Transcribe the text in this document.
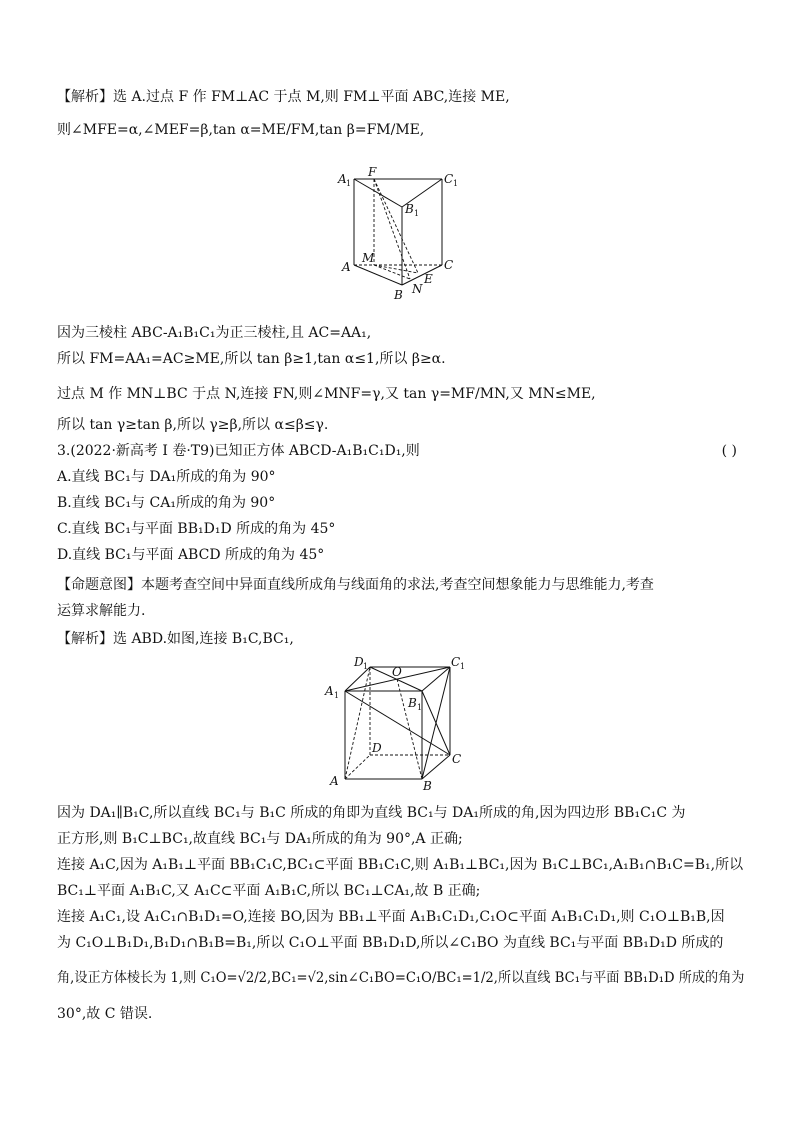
【解析】选 A.过点 F 作 FM⊥AC 于点 M,则 FM⊥平面 ABC,连接 ME,
则∠MFE=α,∠MEF=β,tan α=ME/FM,tan β=FM/ME,
A 1
F	C 1
B 1
M
A	C
E
N
B
因为三棱柱 ABC-A₁B₁C₁为正三棱柱,且 AC=AA₁,
所以 FM=AA₁=AC≥ME,所以 tan β≥1,tan α≤1,所以 β≥α.
过点 M 作 MN⊥BC 于点 N,连接 FN,则∠MNF=γ,又 tan γ=MF/MN,又 MN≤ME,
所以 tan γ≥tan β,所以 γ≥β,所以 α≤β≤γ.
3.(2022·新高考 Ⅰ 卷·T9)已知正方体 ABCD-A₁B₁C₁D₁,则	( )
A.直线 BC₁与 DA₁所成的角为 90°
B.直线 BC₁与 CA₁所成的角为 90°
C.直线 BC₁与平面 BB₁D₁D 所成的角为 45°
D.直线 BC₁与平面 ABCD 所成的角为 45°
【命题意图】本题考查空间中异面直线所成角与线面角的求法,考查空间想象能力与思维能力,考查
运算求解能力.
【解析】选 ABD.如图,连接 B₁C,BC₁,
D 1 O
C 1
A 1
B 1
D
C
A	B
因为 DA₁∥B₁C,所以直线 BC₁与 B₁C 所成的角即为直线 BC₁与 DA₁所成的角,因为四边形 BB₁C₁C 为
正方形,则 B₁C⊥BC₁,故直线 BC₁与 DA₁所成的角为 90°,A 正确;
连接 A₁C,因为 A₁B₁⊥平面 BB₁C₁C,BC₁⊂平面 BB₁C₁C,则 A₁B₁⊥BC₁,因为 B₁C⊥BC₁,A₁B₁∩B₁C=B₁,所以
BC₁⊥平面 A₁B₁C,又 A₁C⊂平面 A₁B₁C,所以 BC₁⊥CA₁,故 B 正确;
连接 A₁C₁,设 A₁C₁∩B₁D₁=O,连接 BO,因为 BB₁⊥平面 A₁B₁C₁D₁,C₁O⊂平面 A₁B₁C₁D₁,则 C₁O⊥B₁B,因
为 C₁O⊥B₁D₁,B₁D₁∩B₁B=B₁,所以 C₁O⊥平面 BB₁D₁D,所以∠C₁BO 为直线 BC₁与平面 BB₁D₁D 所成的
角,设正方体棱长为 1,则 C₁O=√2/2,BC₁=√2,sin∠C₁BO=C₁O/BC₁=1/2,所以直线 BC₁与平面 BB₁D₁D 所成的角为
30°,故 C 错误.
